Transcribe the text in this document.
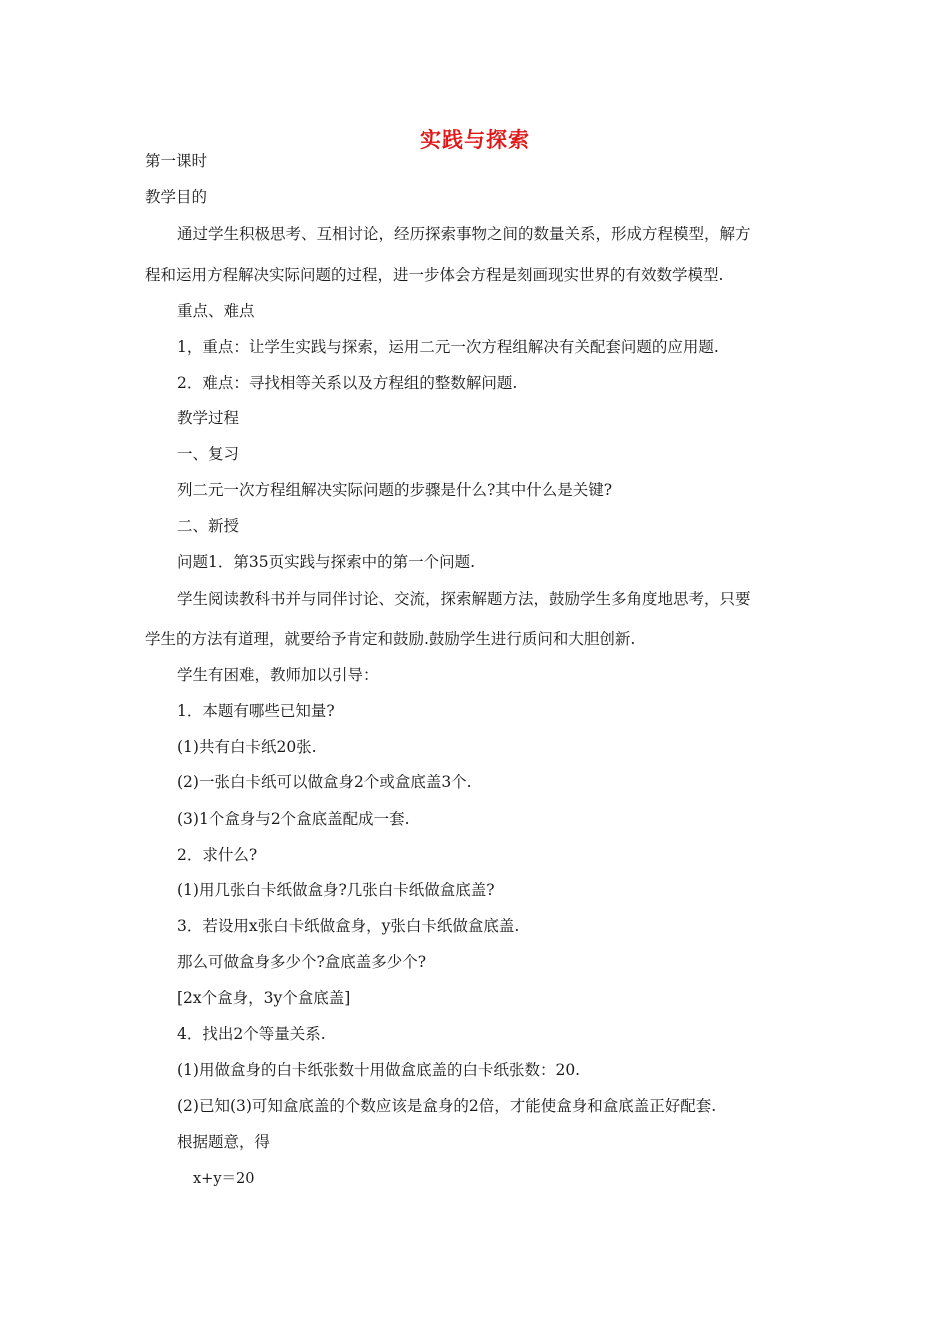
实践与探索
第一课时
教学目的
通过学生积极思考、互相讨论，经历探索事物之间的数量关系，形成方程模型，解方
程和运用方程解决实际问题的过程，进一步体会方程是刻画现实世界的有效数学模型.
重点、难点
1，重点：让学生实践与探索，运用二元一次方程组解决有关配套问题的应用题.
2．难点：寻找相等关系以及方程组的整数解问题.
教学过程
一、复习
列二元一次方程组解决实际问题的步骤是什么?其中什么是关键?
二、新授
问题1．第35页实践与探索中的第一个问题.
学生阅读教科书并与同伴讨论、交流，探索解题方法，鼓励学生多角度地思考，只要
学生的方法有道理，就要给予肯定和鼓励.鼓励学生进行质问和大胆创新.
学生有困难，教师加以引导：
1．本题有哪些已知量?
(1)共有白卡纸20张.
(2)一张白卡纸可以做盒身2个或盒底盖3个.
(3)1个盒身与2个盒底盖配成一套.
2．求什么?
(1)用几张白卡纸做盒身?几张白卡纸做盒底盖?
3．若设用x张白卡纸做盒身，y张白卡纸做盒底盖.
那么可做盒身多少个?盒底盖多少个?
[2x个盒身，3y个盒底盖]
4．找出2个等量关系.
(1)用做盒身的白卡纸张数十用做盒底盖的白卡纸张数：20.
(2)已知(3)可知盒底盖的个数应该是盒身的2倍，才能使盒身和盒底盖正好配套.
根据题意，得
x+y＝20
